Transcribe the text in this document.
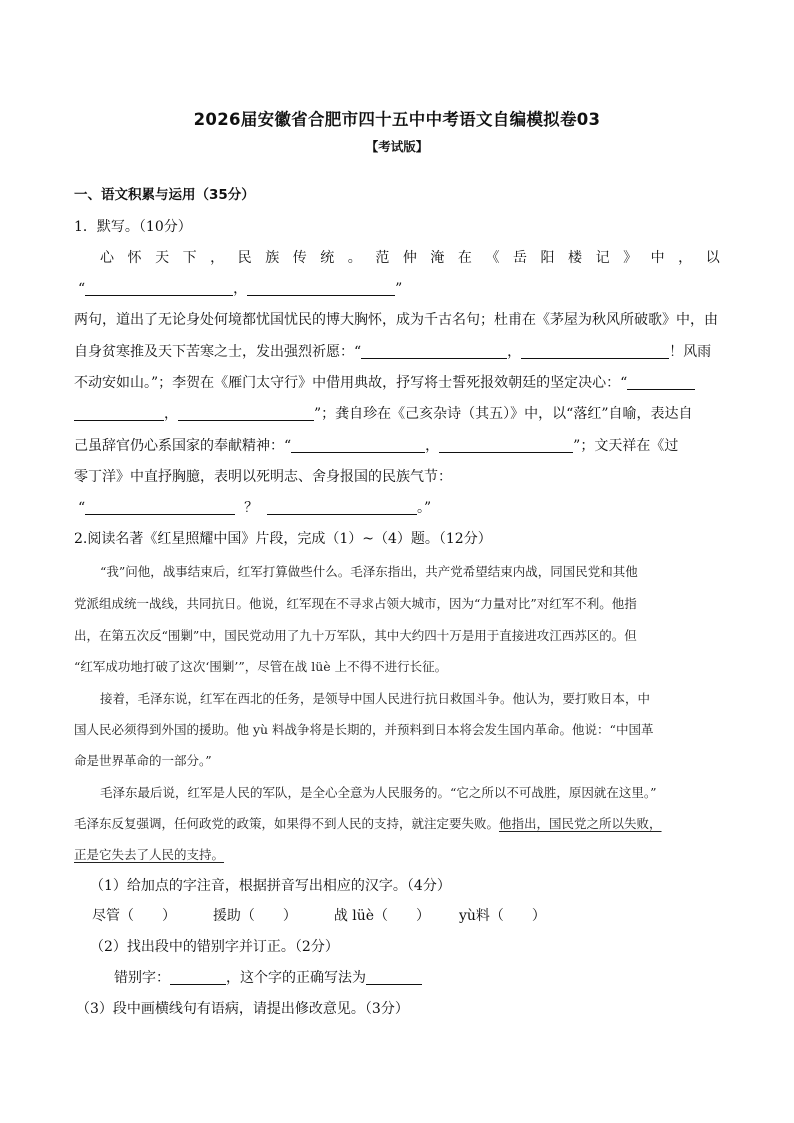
2026届安徽省合肥市四十五中中考语文自编模拟卷03
【考试版】
一、语文积累与运用（35分）
1．默写。（10分）
心 怀 天 下 ， 民 族 传 统 。 范 仲 淹 在 《 岳 阳 楼 记 》 中 ， 以
“	，	”
两句，道出了无论身处何境都忧国忧民的博大胸怀，成为千古名句；杜甫在《茅屋为秋风所破歌》中，由
自身贫寒推及天下苦寒之士，发出强烈祈愿：“	，	！风雨
不动安如山。”；李贺在《雁门太守行》中借用典故，抒写将士誓死报效朝廷的坚定决心：“
，	”；龚自珍在《己亥杂诗（其五）》中，以“落红”自喻，表达自
己虽辞官仍心系国家的奉献精神：“	，	”；文天祥在《过
零丁洋》中直抒胸臆，表明以死明志、舍身报国的民族气节：
“	？	。”
2.阅读名著《红星照耀中国》片段，完成（1）~（4）题。（12分）
“我”问他，战事结束后，红军打算做些什么。毛泽东指出，共产党希望结束内战，同国民党和其他
党派组成统一战线，共同抗日。他说，红军现在不寻求占领大城市，因为“力量对比”对红军不利。他指
出，在第五次反“围剿”中，国民党动用了九十万军队，其中大约四十万是用于直接进攻江西苏区的。但
“红军成功地打破了这次‘围剿’”，尽管在战 lüè 上不得不进行长征。
接着，毛泽东说，红军在西北的任务，是领导中国人民进行抗日救国斗争。他认为，要打败日本，中
国人民必须得到外国的援助。他 yù 料战争将是长期的，并预料到日本将会发生国内革命。他说：“中国革
命是世界革命的一部分。”
毛泽东最后说，红军是人民的军队，是全心全意为人民服务的。“它之所以不可战胜，原因就在这里。”
毛泽东反复强调，任何政党的政策，如果得不到人民的支持，就注定要失败。他指出，国民党之所以失败，
正是它失去了人民的支持。
（1）给加点的字注音，根据拼音写出相应的汉字。（4分）
尽管（　　）	援助（　　）	战 lüè（　　） yù料（　　）
（2）找出段中的错别字并订正。（2分）
错别字：	，这个字的正确写法为
（3）段中画横线句有语病，请提出修改意见。（3分）
